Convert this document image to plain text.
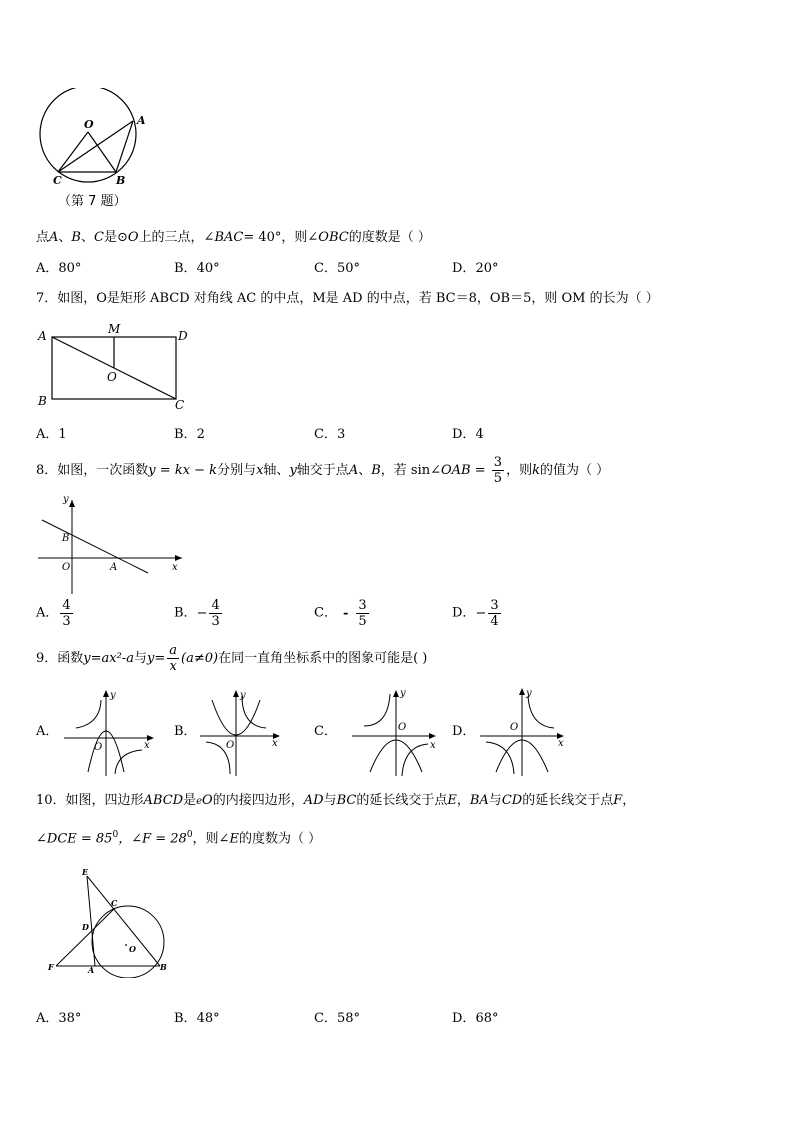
O	A
C	B
（第 7 题）
点A、B、C是⊙O上的三点，∠BAC= 40°，则∠OBC的度数是（ ）
A．80°	B．40°	C．50°	D．20°
7．如图，O是矩形 ABCD 对角线 AC 的中点，M是 AD 的中点，若 BC＝8，OB＝5，则 OM 的长为（ ）
A	M	D
O
B	C
A．1	B．2	C．3	D．4
8．如图，一次函数y = kx − k分别与x轴、y轴交于点A、B，若 sin∠OAB = $\frac{3}{5}$ ，则k的值为（ ）
y
x
B
O	A
A． $\frac{4}{3}$	B．− $\frac{4}{3}$	C． - $\frac{3}{5}$	D．− $\frac{3}{4}$
9．函数y=ax²-a与$y= \frac{a}{x} (a\ne 0)$在同一直角坐标系中的图象可能是( )
A．
y
O	x
B．
y
O	x
C．
y
O
x
D．
y
O
x
10．如图，四边形ABCD是eO的内接四边形，AD与BC的延长线交于点E，BA与CD的延长线交于点F，
∠DCE = $85^0$，∠F = $28^0$，则∠E的度数为（ ）
E
C
D
O
F	A	B
A．38°	B．48°	C．58°	D．68°
